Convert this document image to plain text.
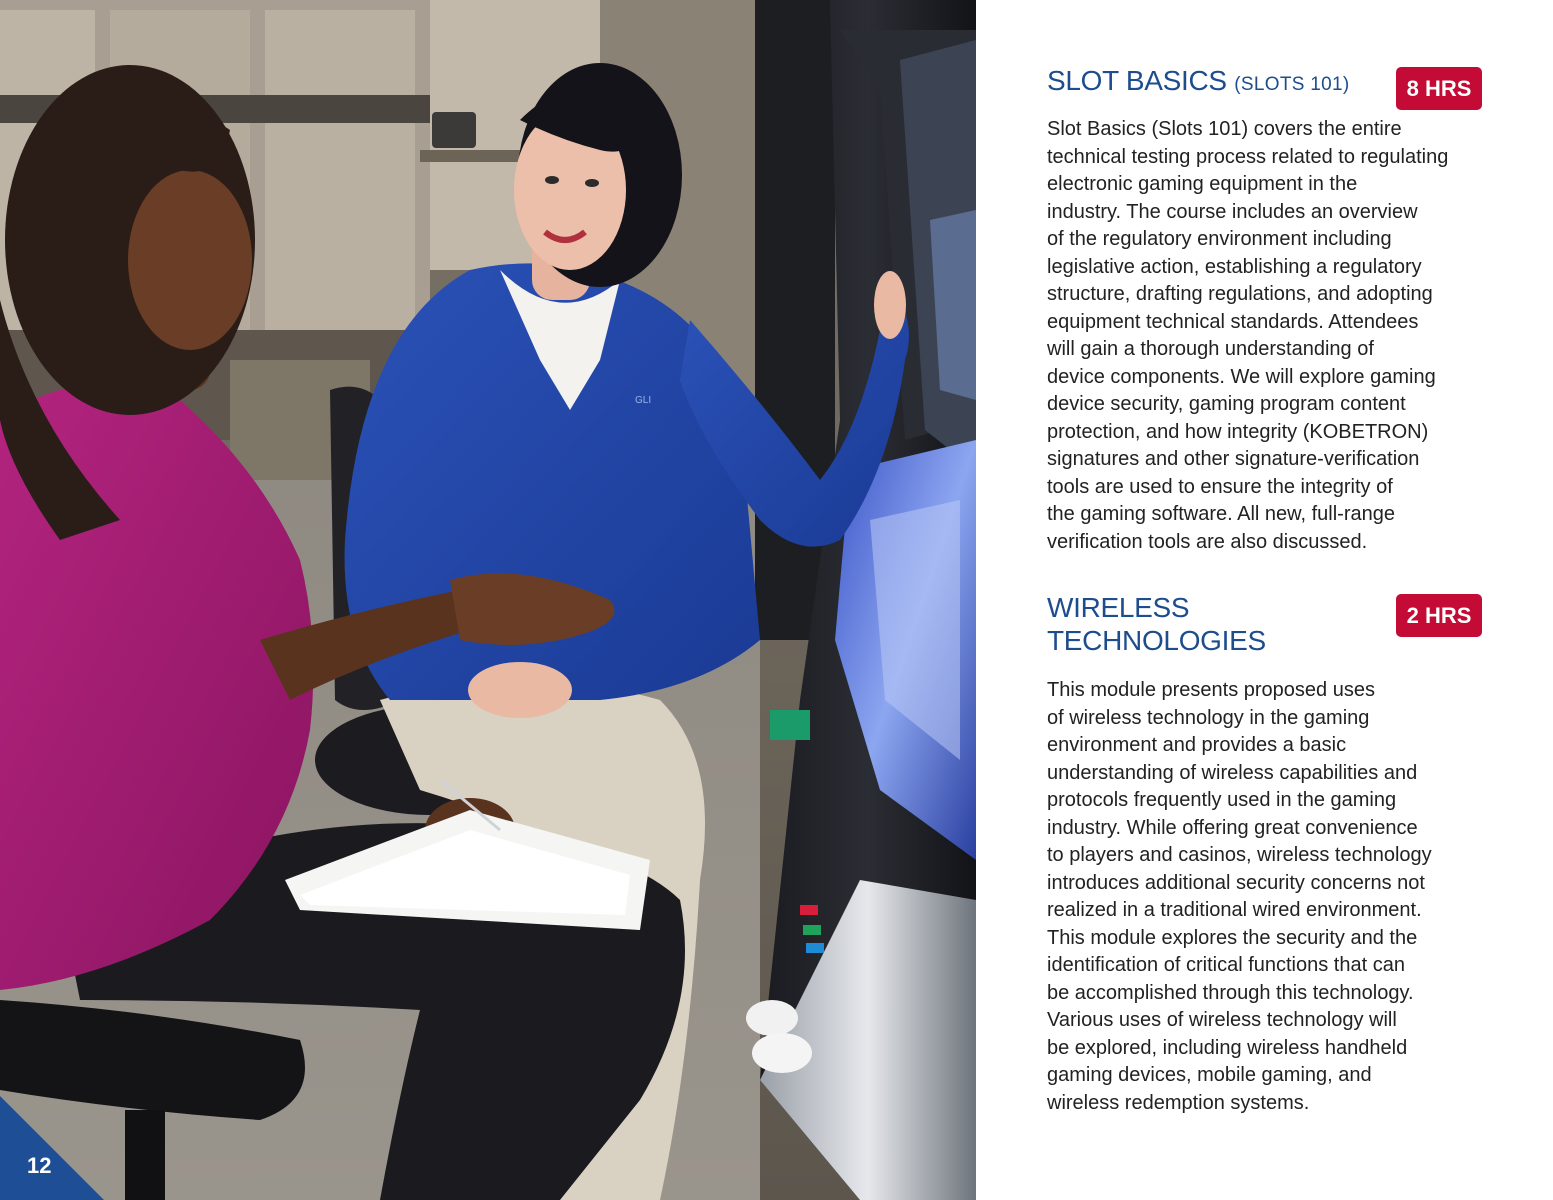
GLI
12
SLOT BASICS (SLOTS 101)	8 HRS

Slot Basics (Slots 101) covers the entire
technical testing process related to regulating
electronic gaming equipment in the
industry. The course includes an overview
of the regulatory environment including
legislative action, establishing a regulatory
structure, drafting regulations, and adopting
equipment technical standards. Attendees
will gain a thorough understanding of
device components. We will explore gaming
device security, gaming program content
protection, and how integrity (KOBETRON)
signatures and other signature-verification
tools are used to ensure the integrity of
the gaming software. All new, full-range
verification tools are also discussed.

WIRELESS
TECHNOLOGIES
2 HRS

This module presents proposed uses
of wireless technology in the gaming
environment and provides a basic
understanding of wireless capabilities and
protocols frequently used in the gaming
industry. While offering great convenience
to players and casinos, wireless technology
introduces additional security concerns not
realized in a traditional wired environment.
This module explores the security and the
identification of critical functions that can
be accomplished through this technology.
Various uses of wireless technology will
be explored, including wireless handheld
gaming devices, mobile gaming, and
wireless redemption systems.
